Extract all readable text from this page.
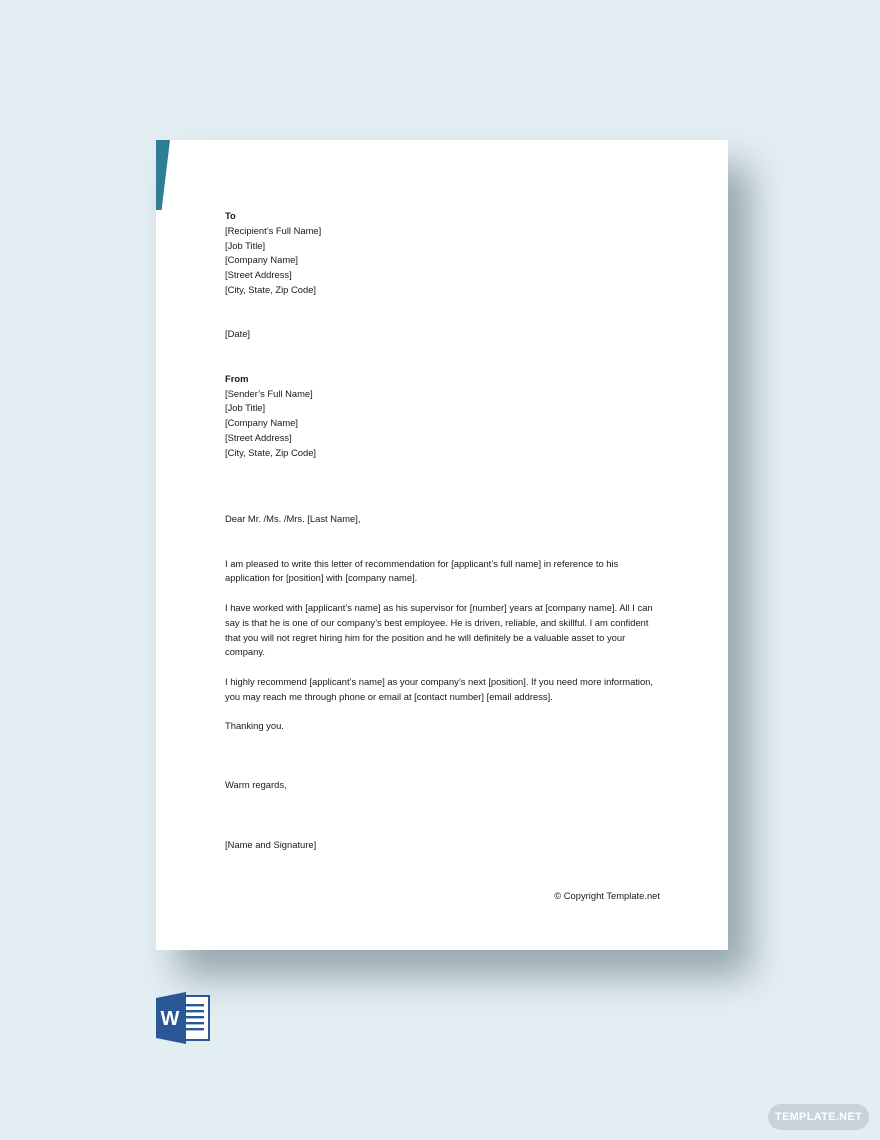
To

[Recipient’s Full Name]

[Job Title]

[Company Name]

[Street Address]

[City, State, Zip Code]

[Date]

From

[Sender’s Full Name]

[Job Title]

[Company Name]

[Street Address]

[City, State, Zip Code]

Dear Mr. /Ms. /Mrs. [Last Name],

I am pleased to write this letter of recommendation for [applicant’s full name] in reference to his application for [position] with [company name].

I have worked with [applicant’s name] as his supervisor for [number] years at [company name]. All I can say is that he is one of our company’s best employee. He is driven, reliable, and skillful. I am confident that you will not regret hiring him for the position and he will definitely be a valuable asset to your company.

I highly recommend [applicant’s name] as your company’s next [position]. If you need more information, you may reach me through phone or email at [contact number] [email address].

Thanking you.

Warm regards,

[Name and Signature]

© Copyright Template.net
W
TEMPLATE.NET
